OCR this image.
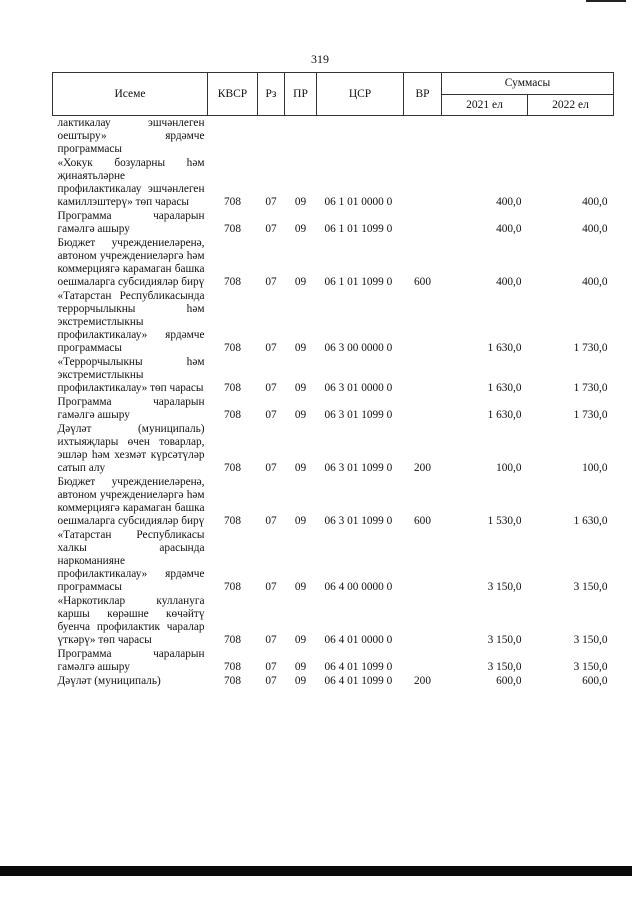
319
Исеме	КВСР	Рз	ПР	ЦСР	ВР	Суммасы	
						2021 ел	2022 ел
лактикалау эшчәнлеген оештыру» ярдәмче программасы							
«Хокук бозуларны һәм җинаятьләрне профилактикалау эшчәнлеген камиллэштерү» төп чарасы	708	07	09	06 1 01 0000 0		400,0	400,0
Программа чараларын гамәлгә ашыру	708	07	09	06 1 01 1099 0		400,0	400,0
Бюджет учреждениеләренә, автоном учреждениеләргә һәм коммерциягә карамаган башка оешмаларга субсидияләр бирү	708	07	09	06 1 01 1099 0	600	400,0	400,0
«Татарстан Республикасында террорчылыкны һәм экстремистлыкны профилактикалау» ярдәмче программасы	708	07	09	06 3 00 0000 0		1 630,0	1 730,0
«Террорчылыкны һәм экстремистлыкны профилактикалау» төп чарасы	708	07	09	06 3 01 0000 0		1 630,0	1 730,0
Программа чараларын гамәлгә ашыру	708	07	09	06 3 01 1099 0		1 630,0	1 730,0
Дәүләт (муниципаль) ихтыяҗлары өчен товарлар, эшләр һәм хезмәт күрсәтүләр сатып алу	708	07	09	06 3 01 1099 0	200	100,0	100,0
Бюджет учреждениеләренә, автоном учреждениеләргә һәм коммерциягә карамаган башка оешмаларга субсидияләр бирү	708	07	09	06 3 01 1099 0	600	1 530,0	1 630,0
«Татарстан Республикасы халкы арасында наркоманияне профилактикалау» ярдәмче программасы	708	07	09	06 4 00 0000 0		3 150,0	3 150,0
«Наркотиклар куллануга каршы көрәшне көчәйтү буенча профилактик чаралар үткәрү» төп чарасы	708	07	09	06 4 01 0000 0		3 150,0	3 150,0
Программа чараларын гамәлгә ашыру	708	07	09	06 4 01 1099 0		3 150,0	3 150,0
Дәүләт (муниципаль)	708	07	09	06 4 01 1099 0	200	600,0	600,0
